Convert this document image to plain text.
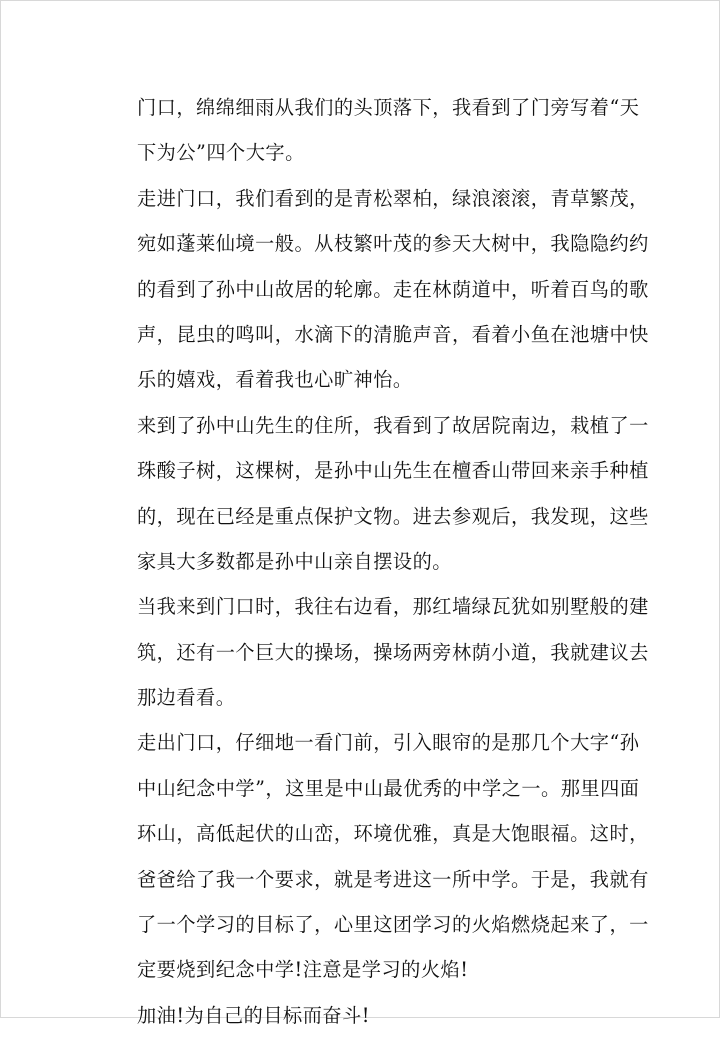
门口，绵绵细雨从我们的头顶落下，我看到了门旁写着“天
下为公”四个大字。
走进门口，我们看到的是青松翠柏，绿浪滚滚，青草繁茂，
宛如蓬莱仙境一般。从枝繁叶茂的参天大树中，我隐隐约约
的看到了孙中山故居的轮廓。走在林荫道中，听着百鸟的歌
声，昆虫的鸣叫，水滴下的清脆声音，看着小鱼在池塘中快
乐的嬉戏，看着我也心旷神怡。
来到了孙中山先生的住所，我看到了故居院南边，栽植了一
珠酸子树，这棵树，是孙中山先生在檀香山带回来亲手种植
的，现在已经是重点保护文物。进去参观后，我发现，这些
家具大多数都是孙中山亲自摆设的。
当我来到门口时，我往右边看，那红墙绿瓦犹如别墅般的建
筑，还有一个巨大的操场，操场两旁林荫小道，我就建议去
那边看看。
走出门口，仔细地一看门前，引入眼帘的是那几个大字“孙
中山纪念中学”，这里是中山最优秀的中学之一。那里四面
环山，高低起伏的山峦，环境优雅，真是大饱眼福。这时，
爸爸给了我一个要求，就是考进这一所中学。于是，我就有
了一个学习的目标了，心里这团学习的火焰燃烧起来了，一
定要烧到纪念中学!注意是学习的火焰!
加油!为自己的目标而奋斗!
